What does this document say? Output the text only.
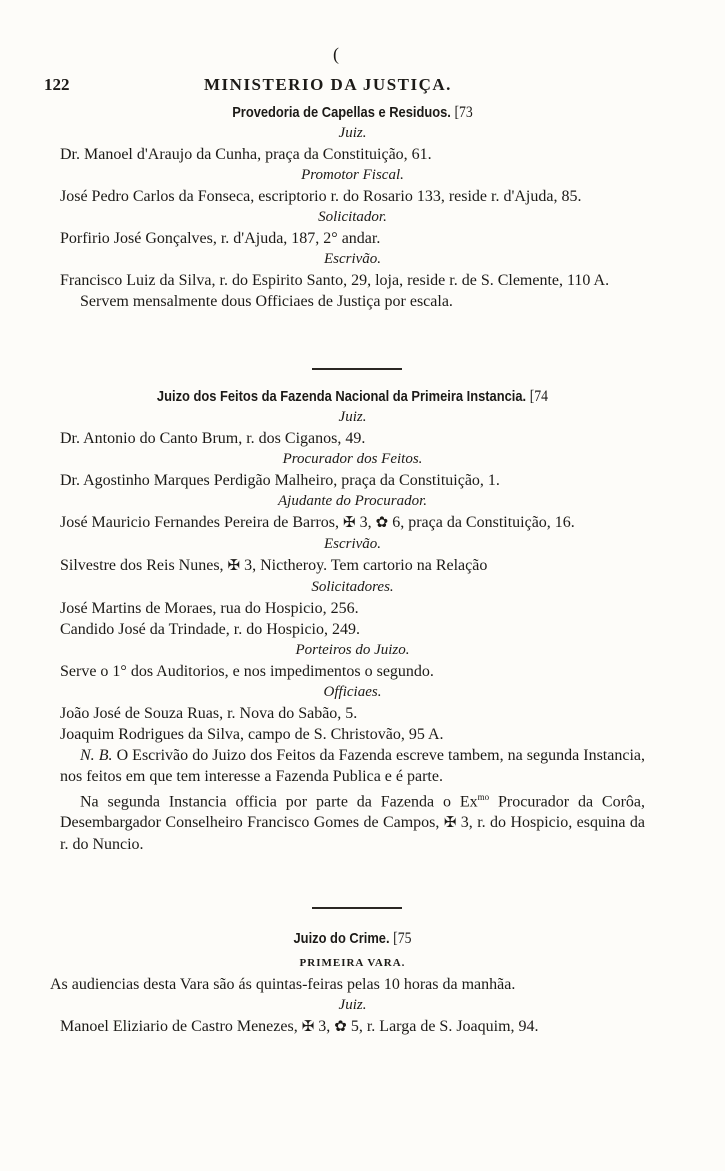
(
122	MINISTERIO DA JUSTIÇA.
Provedoria de Capellas e Residuos. [73
Juiz.
Dr. Manoel d'Araujo da Cunha, praça da Constituição, 61.
Promotor Fiscal.
José Pedro Carlos da Fonseca, escriptorio r. do Rosario 133, reside r. d'Ajuda, 85.
Solicitador.
Porfirio José Gonçalves, r. d'Ajuda, 187, 2° andar.
Escrivão.
Francisco Luiz da Silva, r. do Espirito Santo, 29, loja, reside r. de S. Clemente, 110 A.
Servem mensalmente dous Officiaes de Justiça por escala.
Juizo dos Feitos da Fazenda Nacional da Primeira Instancia. [74
Juiz.
Dr. Antonio do Canto Brum, r. dos Ciganos, 49.
Procurador dos Feitos.
Dr. Agostinho Marques Perdigão Malheiro, praça da Constituição, 1.
Ajudante do Procurador.
José Mauricio Fernandes Pereira de Barros, ✠ 3, ✿ 6, praça da Constituição, 16.
Escrivão.
Silvestre dos Reis Nunes, ✠ 3, Nictheroy. Tem cartorio na Relação
Solicitadores.
José Martins de Moraes, rua do Hospicio, 256.
Candido José da Trindade, r. do Hospicio, 249.
Porteiros do Juizo.
Serve o 1° dos Auditorios, e nos impedimentos o segundo.
Officiaes.
João José de Souza Ruas, r. Nova do Sabão, 5.
Joaquim Rodrigues da Silva, campo de S. Christovão, 95 A.
N. B. O Escrivão do Juizo dos Feitos da Fazenda escreve tambem, na segunda Instancia, nos feitos em que tem interesse a Fazenda Publica e é parte.
Na segunda Instancia officia por parte da Fazenda o $Ex^{mo}$ Procurador da Corôa, Desembargador Conselheiro Francisco Gomes de Campos, ✠ 3, r. do Hospicio, esquina da r. do Nuncio.
Juizo do Crime. [75
PRIMEIRA VARA.
As audiencias desta Vara são ás quintas-feiras pelas 10 horas da manhãa.
Juiz.
Manoel Eliziario de Castro Menezes, ✠ 3, ✿ 5, r. Larga de S. Joaquim, 94.
